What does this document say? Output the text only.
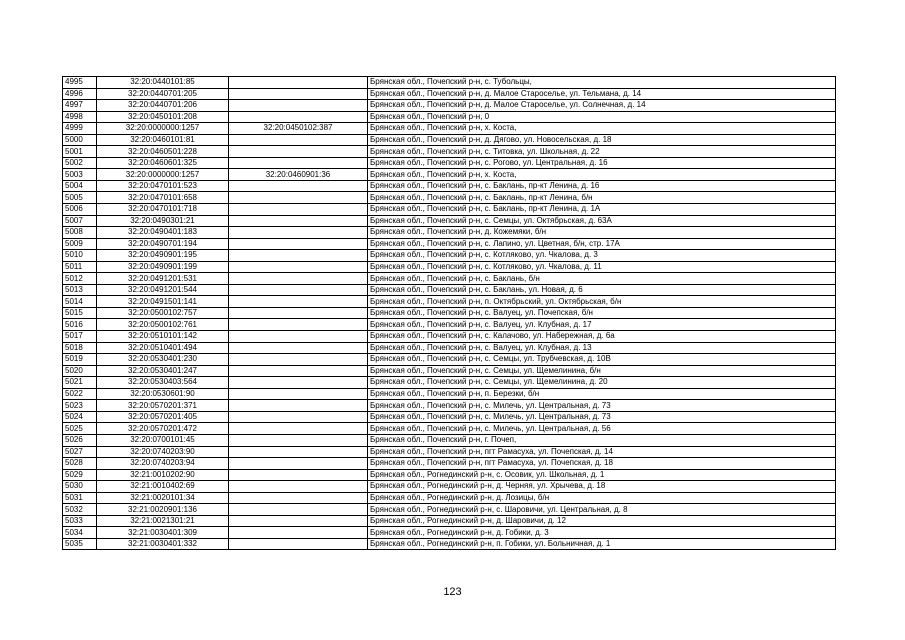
4995	32:20:0440101:85		Брянская обл., Почепский р-н, с. Тубольцы,
4996	32:20:0440701:205		Брянская обл., Почепский р-н, д. Малое Староселье, ул. Тельмана, д. 14
4997	32:20:0440701:206		Брянская обл., Почепский р-н, д. Малое Староселье, ул. Солнечная, д. 14
4998	32:20:0450101:208		Брянская обл., Почепский р-н, 0
4999	32:20:0000000:1257	32:20:0450102:387	Брянская обл., Почепский р-н, х. Коста,
5000	32:20:0460101:81		Брянская обл., Почепский р-н, д. Дягово, ул. Новосельская, д. 18
5001	32:20:0460501:228		Брянская обл., Почепский р-н, с. Титовка, ул. Школьная, д. 22
5002	32:20:0460601:325		Брянская обл., Почепский р-н, с. Рогово, ул. Центральная, д. 16
5003	32:20:0000000:1257	32:20:0460901:36	Брянская обл., Почепский р-н, х. Коста,
5004	32:20:0470101:523		Брянская обл., Почепский р-н, с. Баклань, пр-кт Ленина, д. 16
5005	32:20:0470101:658		Брянская обл., Почепский р-н, с. Баклань, пр-кт Ленина, б/н
5006	32:20:0470101:718		Брянская обл., Почепский р-н, с. Баклань, пр-кт Ленина, д. 1А
5007	32:20:0490301:21		Брянская обл., Почепский р-н, с. Семцы, ул. Октябрьская, д. 63А
5008	32:20:0490401:183		Брянская обл., Почепский р-н, д. Кожемяки, б/н
5009	32:20:0490701:194		Брянская обл., Почепский р-н, с. Лапино, ул. Цветная, б/н, стр. 17А
5010	32:20:0490901:195		Брянская обл., Почепский р-н, с. Котляково, ул. Чкалова, д. 3
5011	32:20:0490901:199		Брянская обл., Почепский р-н, с. Котляково, ул. Чкалова, д. 11
5012	32:20:0491201:531		Брянская обл., Почепский р-н, с. Баклань, б/н
5013	32:20:0491201:544		Брянская обл., Почепский р-н, с. Баклань, ул. Новая, д. 6
5014	32:20:0491501:141		Брянская обл., Почепский р-н, п. Октябрьский, ул. Октябрьская, б/н
5015	32:20:0500102:757		Брянская обл., Почепский р-н, с. Валуец, ул. Почепская, б/н
5016	32:20:0500102:761		Брянская обл., Почепский р-н, с. Валуец, ул. Клубная, д. 17
5017	32:20:0510101:142		Брянская обл., Почепский р-н, с. Калачово, ул. Набережная, д. 6а
5018	32:20:0510401:494		Брянская обл., Почепский р-н, с. Валуец, ул. Клубная, д. 13
5019	32:20:0530401:230		Брянская обл., Почепский р-н, с. Семцы, ул. Трубчевская, д. 10В
5020	32:20:0530401:247		Брянская обл., Почепский р-н, с. Семцы, ул. Щемелинина, б/н
5021	32:20:0530403:564		Брянская обл., Почепский р-н, с. Семцы, ул. Щемелинина, д. 20
5022	32:20:0530601:90		Брянская обл., Почепский р-н, п. Березки, б/н
5023	32:20:0570201:371		Брянская обл., Почепский р-н, с. Милечь, ул. Центральная, д. 73
5024	32:20:0570201:405		Брянская обл., Почепский р-н, с. Милечь, ул. Центральная, д. 73
5025	32:20:0570201:472		Брянская обл., Почепский р-н, с. Милечь, ул. Центральная, д. 56
5026	32:20:0700101:45		Брянская обл., Почепский р-н, г. Почеп,
5027	32:20:0740203:90		Брянская обл., Почепский р-н, пгт Рамасуха, ул. Почепская, д. 14
5028	32:20:0740203:94		Брянская обл., Почепский р-н, пгт Рамасуха, ул. Почепская, д. 18
5029	32:21:0010202:90		Брянская обл., Рогнединский р-н, с. Осовик, ул. Школьная, д. 1
5030	32:21:0010402:69		Брянская обл., Рогнединский р-н, д. Черняя, ул. Хрычева, д. 18
5031	32:21:0020101:34		Брянская обл., Рогнединский р-н, д. Лозицы, б/н
5032	32:21:0020901:136		Брянская обл., Рогнединский р-н, с. Шаровичи, ул. Центральная, д. 8
5033	32:21:0021301:21		Брянская обл., Рогнединский р-н, д. Шаровичи, д. 12
5034	32:21:0030401:309		Брянская обл., Рогнединский р-н, д. Гобики, д. 3
5035	32:21:0030401:332		Брянская обл., Рогнединский р-н, п. Гобики, ул. Больничная, д. 1
123
